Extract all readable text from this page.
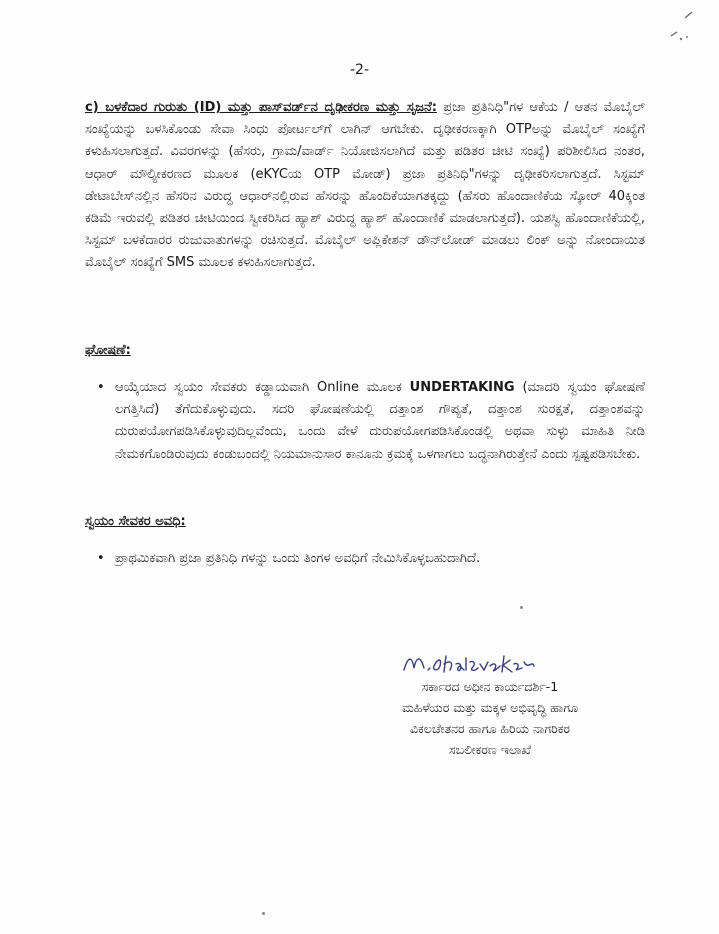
-2-
c) ಬಳಕೆದಾರ ಗುರುತು (ID) ಮತ್ತು ಪಾಸ್‌ವರ್ಡ್‌ನ ದೃಢೀಕರಣ ಮತ್ತು ಸೃಜನೆ: ಪ್ರಜಾ ಪ್ರತಿನಿಧಿ"ಗಳ ಆಕೆಯ / ಆತನ ಮೊಬೈಲ್ ಸಂಖ್ಯೆಯನ್ನು ಬಳಸಿಕೊಂಡು ಸೇವಾ ಸಿಂಧು ಪೋರ್ಟಲ್‌ಗೆ ಲಾಗಿನ್ ಆಗಬೇಕು. ದೃಢೀಕರಣಕ್ಕಾಗಿ OTPಅನ್ನು ಮೊಬೈಲ್ ಸಂಖ್ಯೆಗೆ ಕಳುಹಿಸಲಾಗುತ್ತದೆ. ವಿವರಗಳನ್ನು (ಹೆಸರು, ಗ್ರಾಮ/ವಾರ್ಡ್ ನಿಯೋಜಿಸಲಾಗಿದೆ ಮತ್ತು ಪಡಿತರ ಚೀಟಿ ಸಂಖ್ಯೆ) ಪರಿಶೀಲಿಸಿದ ನಂತರ, ಆಧಾರ್ ಮೌಲ್ಯೀಕರಣದ ಮೂಲಕ (eKYCಯ OTP ಮೋಡ್) ಪ್ರಜಾ ಪ್ರತಿನಿಧಿ"ಗಳನ್ನು ದೃಢೀಕರಿಸಲಾಗುತ್ತದೆ. ಸಿಸ್ಟಮ್ ಡೇಟಾಬೇಸ್‌ನಲ್ಲಿನ ಹೆಸರಿನ ವಿರುದ್ಧ ಆಧಾರ್‌ನಲ್ಲಿರುವ ಹೆಸರನ್ನು ಹೊಂದಿಕೆಯಾಗತಕ್ಕದ್ದು (ಹೆಸರು ಹೊಂದಾಣಿಕೆಯ ಸ್ಕೋರ್ 40ಕ್ಕಿಂತ ಕಡಿಮೆ ಇರುವಲ್ಲಿ ಪಡಿತರ ಚೀಟಿಯಿಂದ ಸ್ವೀಕರಿಸಿದ ಹ್ಯಾಶ್ ವಿರುದ್ಧ ಹ್ಯಾಶ್ ಹೊಂದಾಣಿಕೆ ಮಾಡಲಾಗುತ್ತದೆ). ಯಶಸ್ವಿ ಹೊಂದಾಣಿಕೆಯಲ್ಲಿ, ಸಿಸ್ಟಮ್ ಬಳಕೆದಾರರ ರುಜುವಾತುಗಳನ್ನು ರಚಿಸುತ್ತದೆ. ಮೊಬೈಲ್ ಅಪ್ಲಿಕೇಶನ್ ಡೌನ್‌ಲೋಡ್ ಮಾಡಲು ಲಿಂಕ್ ಅನ್ನು ನೋಂದಾಯಿತ ಮೊಬೈಲ್ ಸಂಖ್ಯೆಗೆ SMS ಮೂಲಕ ಕಳುಹಿಸಲಾಗುತ್ತದೆ.
ಘೋಷಣೆ:
• ಆಯ್ಕೆಯಾದ ಸ್ವಯಂ ಸೇವಕರು ಕಡ್ಡಾಯವಾಗಿ Online ಮೂಲಕ UNDERTAKING (ಮಾದರಿ ಸ್ವಯಂ ಘೋಷಣೆ ಲಗತ್ತಿಸಿದೆ) ತೆಗೆದುಕೊಳ್ಳುವುದು. ಸದರಿ ಘೋಷಣೆಯಲ್ಲಿ ದತ್ತಾಂಶ ಗೌಪ್ಯತೆ, ದತ್ತಾಂಶ ಸುರಕ್ಷತೆ, ದತ್ತಾಂಶವನ್ನು ದುರುಪಯೋಗಪಡಿಸಿಕೊಳ್ಳುವುದಿಲ್ಲವೆಂದು, ಒಂದು ವೇಳೆ ದುರುಪಯೋಗಪಡಿಸಿಕೊಂಡಲ್ಲಿ ಅಥವಾ ಸುಳ್ಳು ಮಾಹಿತಿ ನೀಡಿ ನೇಮಕಗೊಂಡಿರುವುದು ಕಂಡುಬಂದಲ್ಲಿ ನಿಯಮಾನುಸಾರ ಕಾನೂನು ಕ್ರಮಕ್ಕೆ ಒಳಗಾಗಲು ಬದ್ಧನಾಗಿರುತ್ತೇನೆ ಎಂದು ಸ್ಪಷ್ಟಪಡಿಸಬೇಕು.
ಸ್ವಯಂ ಸೇವಕರ ಅವಧಿ:
• ಪ್ರಾಥಮಿಕವಾಗಿ ಪ್ರಜಾ ಪ್ರತಿನಿಧಿ ಗಳನ್ನು ಒಂದು ತಿಂಗಳ ಅವಧಿಗೆ ನೇಮಿಸಿಕೊಳ್ಳಬಹುದಾಗಿದೆ.
ಸರ್ಕಾರದ ಅಧೀನ ಕಾರ್ಯದರ್ಶಿ-1
ಮಹಿಳೆಯರ ಮತ್ತು ಮಕ್ಕಳ ಅಭಿವೃದ್ಧಿ ಹಾಗೂ
ವಿಕಲಚೇತನರ ಹಾಗೂ ಹಿರಿಯ ನಾಗರಿಕರ
ಸಬಲೀಕರಣ ಇಲಾಖೆ
